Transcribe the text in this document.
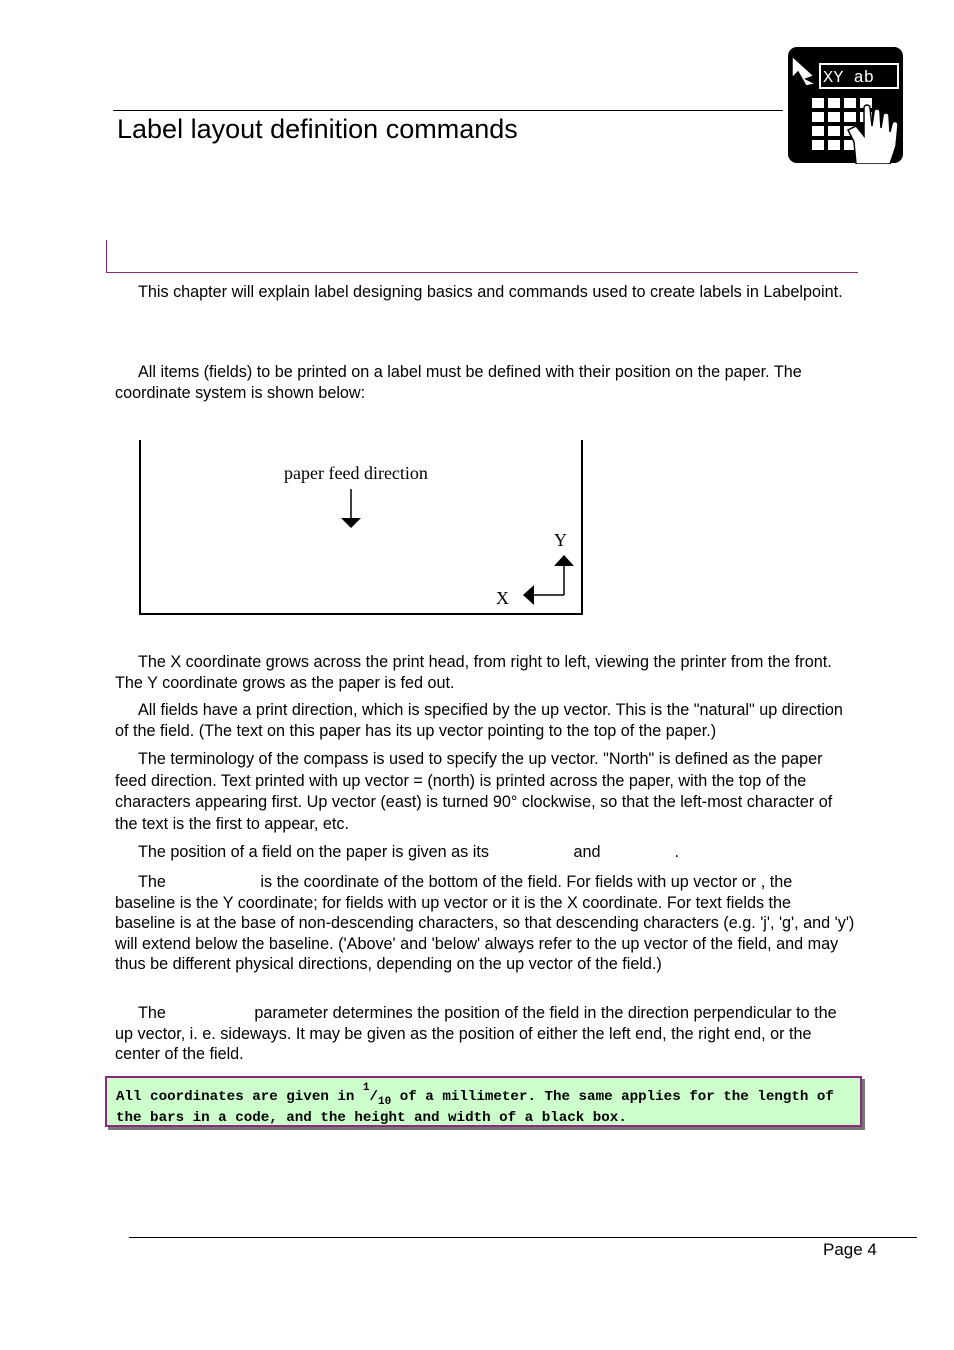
Label layout definition commands
XY ab
This chapter will explain label designing basics and commands used to create labels in Labelpoint.
All items (fields) to be printed on a label must be defined with their position on the paper. The coordinate system is shown below:
paper feed direction
Y
X
The X coordinate grows across the print head, from right to left, viewing the printer from the front. The Y coordinate grows as the paper is fed out.
All fields have a print direction, which is specified by the up vector. This is the "natural" up direction of the field. (The text on this paper has its up vector pointing to the top of the paper.)
The terminology of the compass is used to specify the up vector. "North" is defined as the paper feed direction. Text printed with up vector = (north) is printed across the paper, with the top of the characters appearing first. Up vector (east) is turned 90° clockwise, so that the left-most character of the text is the first to appear, etc.
The position of a field on the paper is given as its	and	.
The	is the coordinate of the bottom of the field. For fields with up vector or , the baseline is the Y coordinate; for fields with up vector or it is the X coordinate. For text fields the baseline is at the base of non-descending characters, so that descending characters (e.g. 'j', 'g', and 'y') will extend below the baseline. ('Above' and 'below' always refer to the up vector of the field, and may thus be different physical directions, depending on the up vector of the field.)
The	parameter determines the position of the field in the direction perpendicular to the up vector, i. e. sideways. It may be given as the position of either the left end, the right end, or the center of the field.
All coordinates are given in $^1/_{10}$ of a millimeter. The same applies for the length of the bars in a code, and the height and width of a black box.
Page 4
